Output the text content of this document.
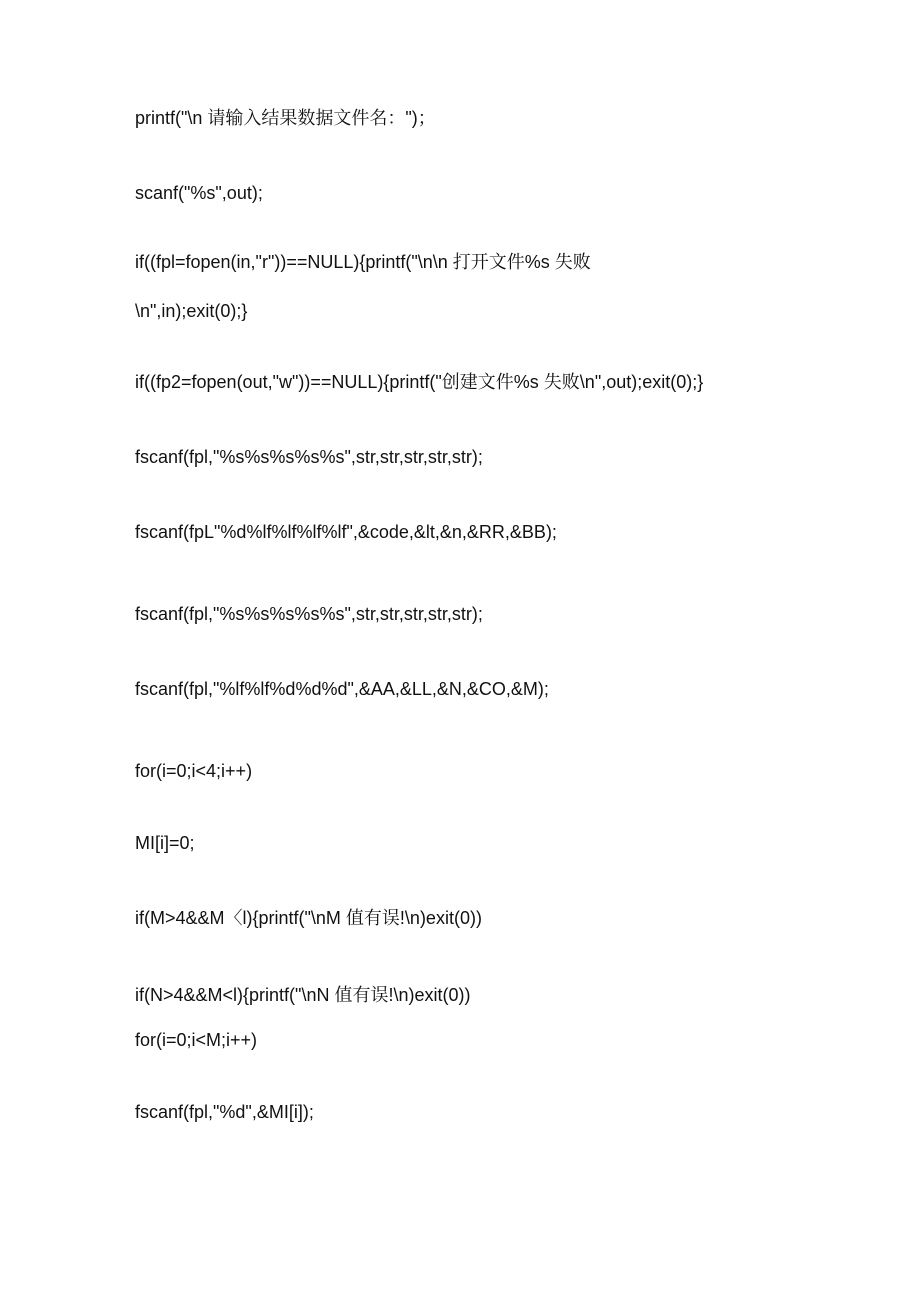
printf("\n 请输入结果数据文件名：")；
scanf("%s",out);
if((fpl=fopen(in,"r"))==NULL){printf("\n\n 打开文件%s 失败
\n",in);exit(0);}
if((fp2=fopen(out,"w"))==NULL){printf("创建文件%s 失败\n",out);exit(0);}
fscanf(fpl,"%s%s%s%s%s",str,str,str,str,str);
fscanf(fpL"%d%lf%lf%lf%lf",&code,&lt,&n,&RR,&BB);
fscanf(fpl,"%s%s%s%s%s",str,str,str,str,str);
fscanf(fpl,"%lf%lf%d%d%d",&AA,&LL,&N,&CO,&M);
for(i=0;i<4;i++)
MI[i]=0;
if(M>4&&M〈l){printf("\nM 值有误!\n)exit(0))
if(N>4&&M<l){printf("\nN 值有误!\n)exit(0))
for(i=0;i<M;i++)
fscanf(fpl,"%d",&MI[i]);
